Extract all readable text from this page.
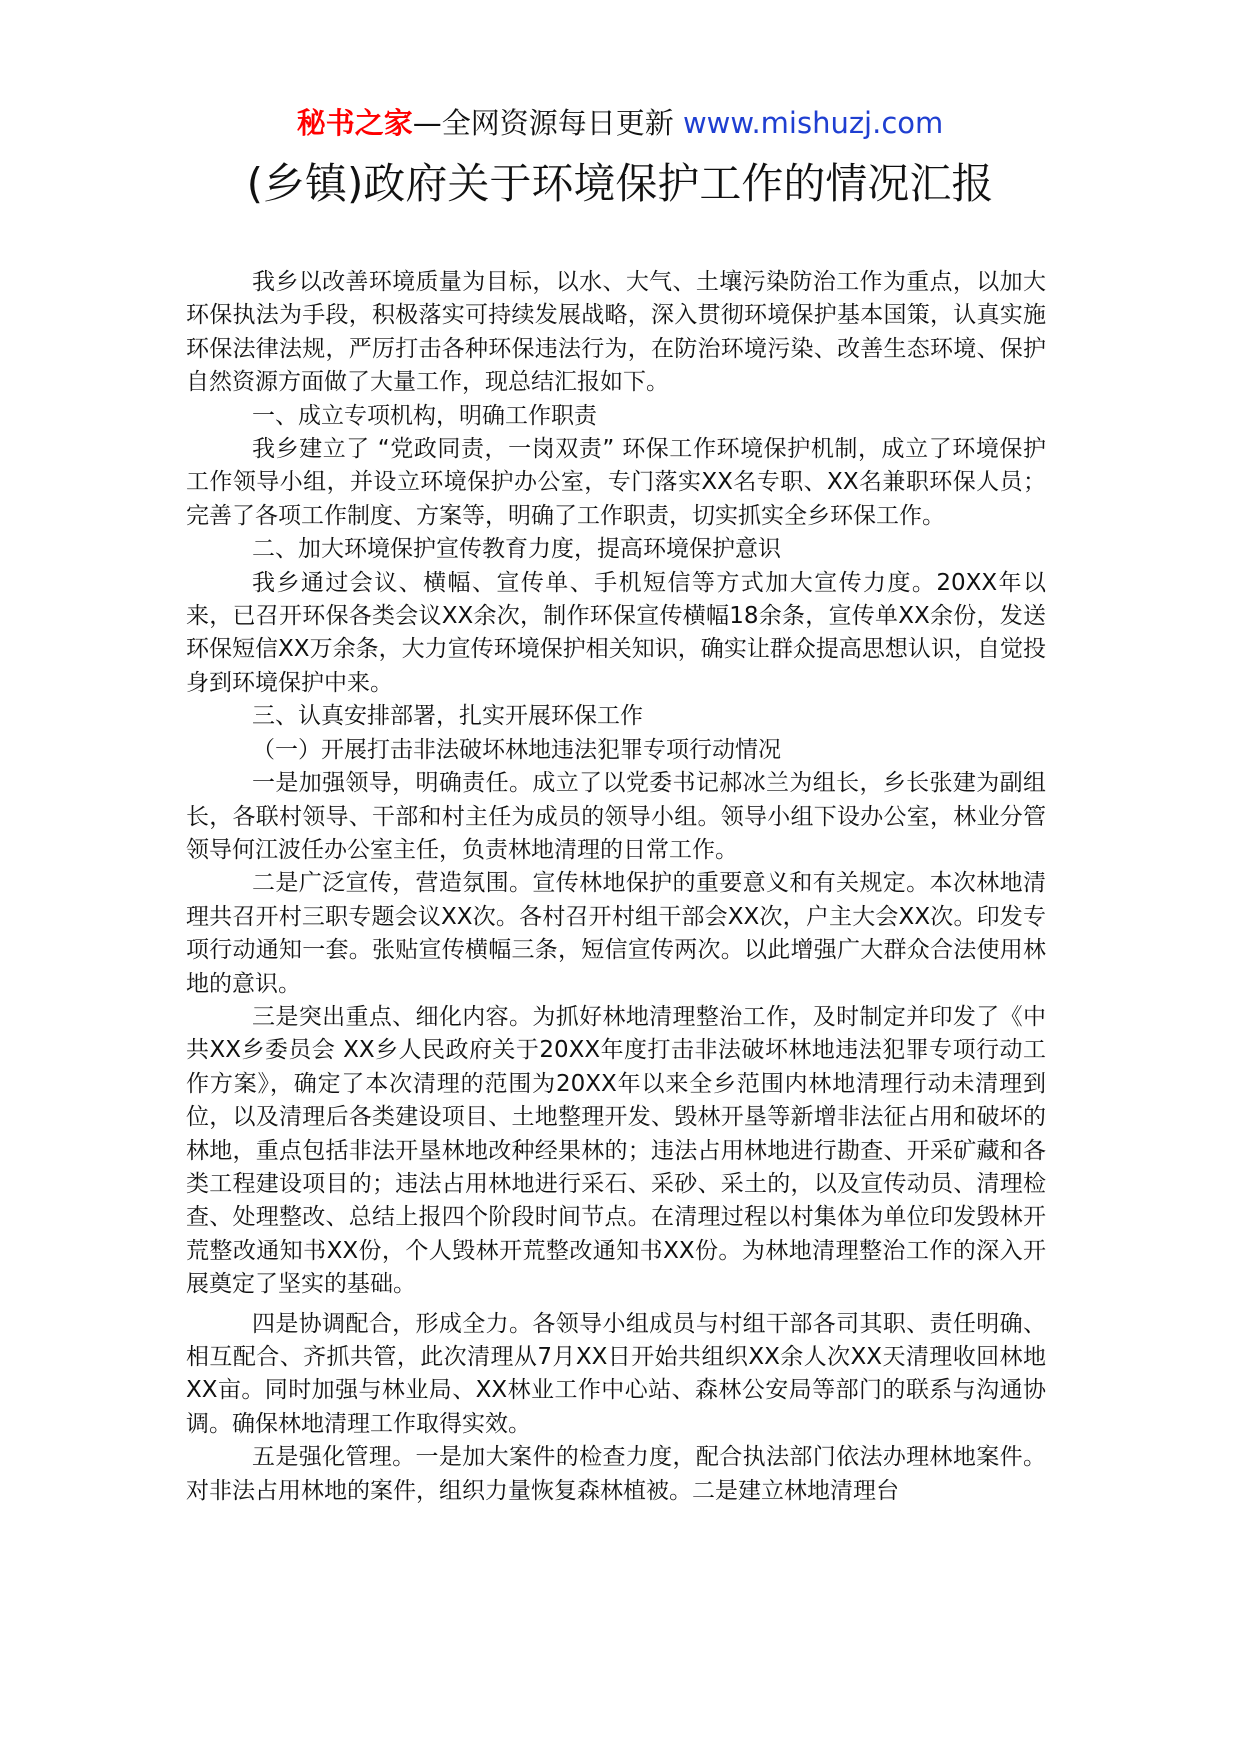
秘书之家—全网资源每日更新 www.mishuzj.com
(乡镇)政府关于环境保护工作的情况汇报

我乡以改善环境质量为目标，以水、大气、土壤污染防治工作为重点，以加大环保执法为手段，积极落实可持续发展战略，深入贯彻环境保护基本国策，认真实施环保法律法规，严厉打击各种环保违法行为，在防治环境污染、改善生态环境、保护自然资源方面做了大量工作，现总结汇报如下。

一、成立专项机构，明确工作职责

我乡建立了 “党政同责，一岗双责” 环保工作环境保护机制，成立了环境保护工作领导小组，并设立环境保护办公室，专门落实XX名专职、XX名兼职环保人员；完善了各项工作制度、方案等，明确了工作职责，切实抓实全乡环保工作。

二、加大环境保护宣传教育力度，提高环境保护意识

我乡通过会议、横幅、宣传单、手机短信等方式加大宣传力度。20XX年以来，已召开环保各类会议XX余次，制作环保宣传横幅18余条，宣传单XX余份，发送环保短信XX万余条，大力宣传环境保护相关知识，确实让群众提高思想认识，自觉投身到环境保护中来。

三、认真安排部署，扎实开展环保工作

（一）开展打击非法破坏林地违法犯罪专项行动情况

一是加强领导，明确责任。成立了以党委书记郝冰兰为组长，乡长张建为副组长，各联村领导、干部和村主任为成员的领导小组。领导小组下设办公室，林业分管领导何江波任办公室主任，负责林地清理的日常工作。

二是广泛宣传，营造氛围。宣传林地保护的重要意义和有关规定。本次林地清理共召开村三职专题会议XX次。各村召开村组干部会XX次，户主大会XX次。印发专项行动通知一套。张贴宣传横幅三条，短信宣传两次。以此增强广大群众合法使用林地的意识。

三是突出重点、细化内容。为抓好林地清理整治工作，及时制定并印发了《中共XX乡委员会 XX乡人民政府关于20XX年度打击非法破坏林地违法犯罪专项行动工作方案》，确定了本次清理的范围为20XX年以来全乡范围内林地清理行动未清理到位，以及清理后各类建设项目、土地整理开发、毁林开垦等新增非法征占用和破坏的林地，重点包括非法开垦林地改种经果林的；违法占用林地进行勘查、开采矿藏和各类工程建设项目的；违法占用林地进行采石、采砂、采土的，以及宣传动员、清理检查、处理整改、总结上报四个阶段时间节点。在清理过程以村集体为单位印发毁林开荒整改通知书XX份，个人毁林开荒整改通知书XX份。为林地清理整治工作的深入开展奠定了坚实的基础。

四是协调配合，形成全力。各领导小组成员与村组干部各司其职、责任明确、相互配合、齐抓共管，此次清理从7月XX日开始共组织XX余人次XX天清理收回林地XX亩。同时加强与林业局、XX林业工作中心站、森林公安局等部门的联系与沟通协调。确保林地清理工作取得实效。

五是强化管理。一是加大案件的检查力度，配合执法部门依法办理林地案件。对非法占用林地的案件，组织力量恢复森林植被。二是建立林地清理台
